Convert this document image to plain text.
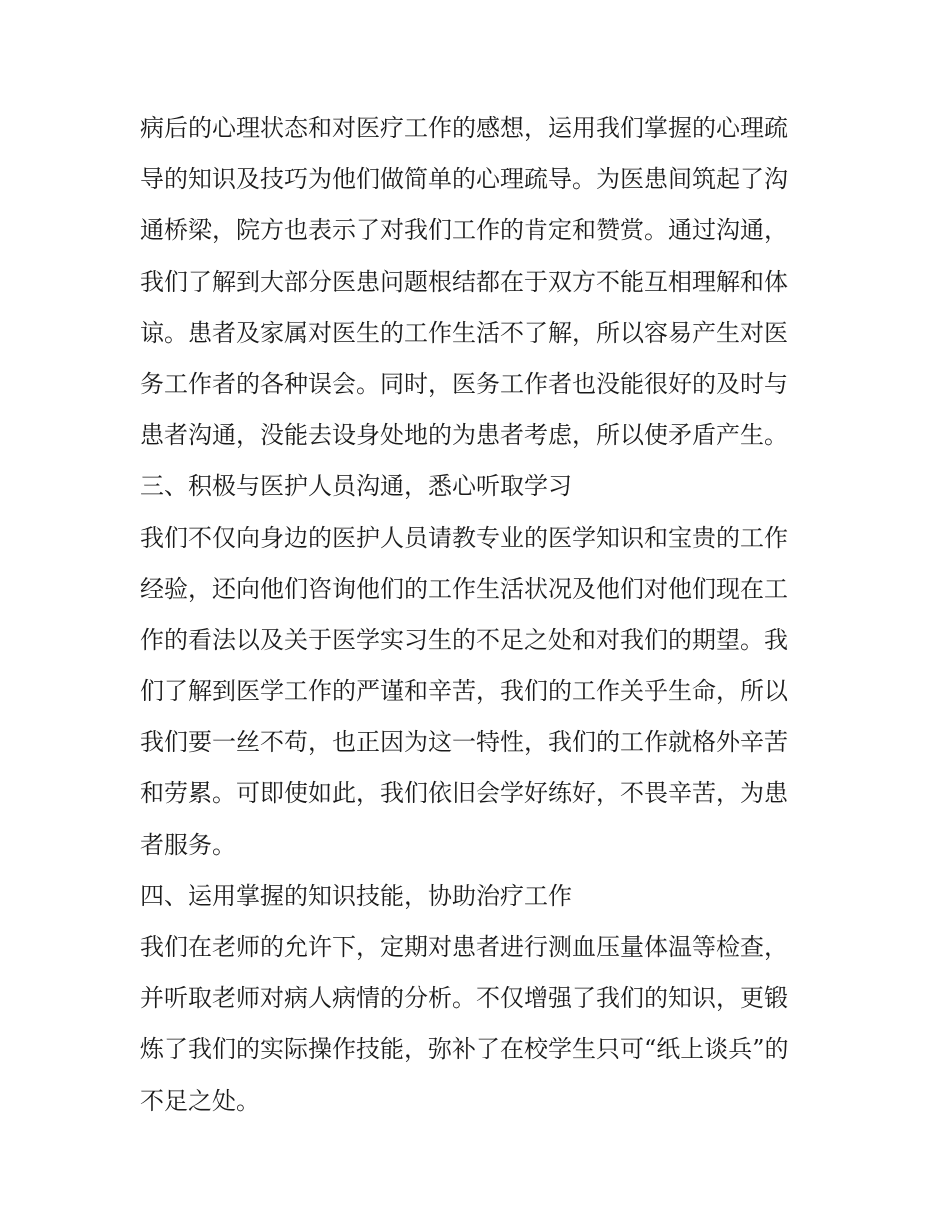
病后的心理状态和对医疗工作的感想，运用我们掌握的心理疏
导的知识及技巧为他们做简单的心理疏导。为医患间筑起了沟
通桥梁，院方也表示了对我们工作的肯定和赞赏。通过沟通，
我们了解到大部分医患问题根结都在于双方不能互相理解和体
谅。患者及家属对医生的工作生活不了解，所以容易产生对医
务工作者的各种误会。同时，医务工作者也没能很好的及时与
患者沟通，没能去设身处地的为患者考虑，所以使矛盾产生。
三、积极与医护人员沟通，悉心听取学习
我们不仅向身边的医护人员请教专业的医学知识和宝贵的工作
经验，还向他们咨询他们的工作生活状况及他们对他们现在工
作的看法以及关于医学实习生的不足之处和对我们的期望。我
们了解到医学工作的严谨和辛苦，我们的工作关乎生命，所以
我们要一丝不苟，也正因为这一特性，我们的工作就格外辛苦
和劳累。可即使如此，我们依旧会学好练好，不畏辛苦，为患
者服务。
四、运用掌握的知识技能，协助治疗工作
我们在老师的允许下，定期对患者进行测血压量体温等检查，
并听取老师对病人病情的分析。不仅增强了我们的知识，更锻
炼了我们的实际操作技能，弥补了在校学生只可“纸上谈兵”的
不足之处。
